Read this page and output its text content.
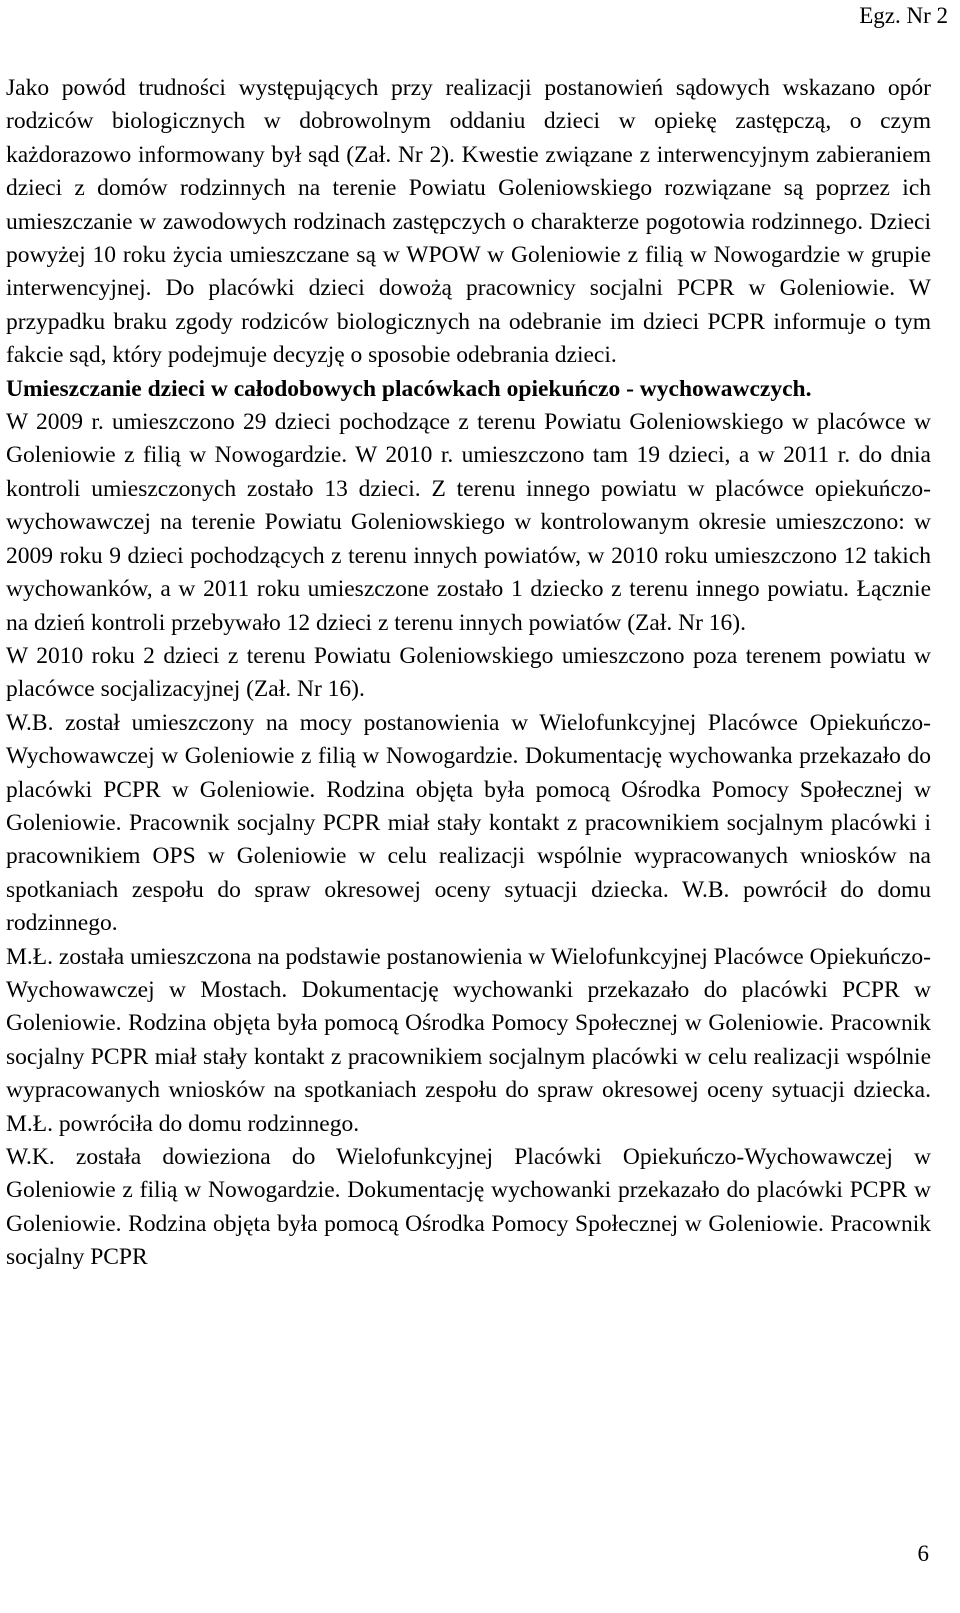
Egz. Nr 2
Jako powód trudności występujących przy realizacji postanowień sądowych wskazano opór rodziców biologicznych w dobrowolnym oddaniu dzieci w opiekę zastępczą, o czym każdorazowo informowany był sąd (Zał. Nr 2). Kwestie związane z interwencyjnym zabieraniem dzieci z domów rodzinnych na terenie Powiatu Goleniowskiego rozwiązane są poprzez ich umieszczanie w zawodowych rodzinach zastępczych o charakterze pogotowia rodzinnego. Dzieci powyżej 10 roku życia umieszczane są w WPOW w Goleniowie z filią w Nowogardzie w grupie interwencyjnej. Do placówki dzieci dowożą pracownicy socjalni PCPR w Goleniowie. W przypadku braku zgody rodziców biologicznych na odebranie im dzieci PCPR informuje o tym fakcie sąd, który podejmuje decyzję o sposobie odebrania dzieci.
Umieszczanie dzieci w całodobowych placówkach opiekuńczo - wychowawczych.
W 2009 r. umieszczono 29 dzieci pochodzące z terenu Powiatu Goleniowskiego w placówce w Goleniowie z filią w Nowogardzie. W 2010 r. umieszczono tam 19 dzieci, a w 2011 r. do dnia kontroli umieszczonych zostało 13 dzieci. Z terenu innego powiatu w placówce opiekuńczo-wychowawczej na terenie Powiatu Goleniowskiego w kontrolowanym okresie umieszczono: w 2009 roku 9 dzieci pochodzących z terenu innych powiatów, w 2010 roku umieszczono 12 takich wychowanków, a w 2011 roku umieszczone zostało 1 dziecko z terenu innego powiatu. Łącznie na dzień kontroli przebywało 12 dzieci z terenu innych powiatów (Zał. Nr 16).
W 2010 roku 2 dzieci z terenu Powiatu Goleniowskiego umieszczono poza terenem powiatu w placówce socjalizacyjnej (Zał. Nr 16).
W.B. został umieszczony na mocy postanowienia w Wielofunkcyjnej Placówce Opiekuńczo-Wychowawczej w Goleniowie z filią w Nowogardzie. Dokumentację wychowanka przekazało do placówki PCPR w Goleniowie. Rodzina objęta była pomocą Ośrodka Pomocy Społecznej w Goleniowie. Pracownik socjalny PCPR miał stały kontakt z pracownikiem socjalnym placówki i pracownikiem OPS w Goleniowie w celu realizacji wspólnie wypracowanych wniosków na spotkaniach zespołu do spraw okresowej oceny sytuacji dziecka. W.B. powrócił do domu rodzinnego.
M.Ł. została umieszczona na podstawie postanowienia w Wielofunkcyjnej Placówce Opiekuńczo-Wychowawczej w Mostach. Dokumentację wychowanki przekazało do placówki PCPR w Goleniowie. Rodzina objęta była pomocą Ośrodka Pomocy Społecznej w Goleniowie. Pracownik socjalny PCPR miał stały kontakt z pracownikiem socjalnym placówki w celu realizacji wspólnie wypracowanych wniosków na spotkaniach zespołu do spraw okresowej oceny sytuacji dziecka. M.Ł. powróciła do domu rodzinnego.
W.K. została dowieziona do Wielofunkcyjnej Placówki Opiekuńczo-Wychowawczej w Goleniowie z filią w Nowogardzie. Dokumentację wychowanki przekazało do placówki PCPR w Goleniowie. Rodzina objęta była pomocą Ośrodka Pomocy Społecznej w Goleniowie. Pracownik socjalny PCPR
6
